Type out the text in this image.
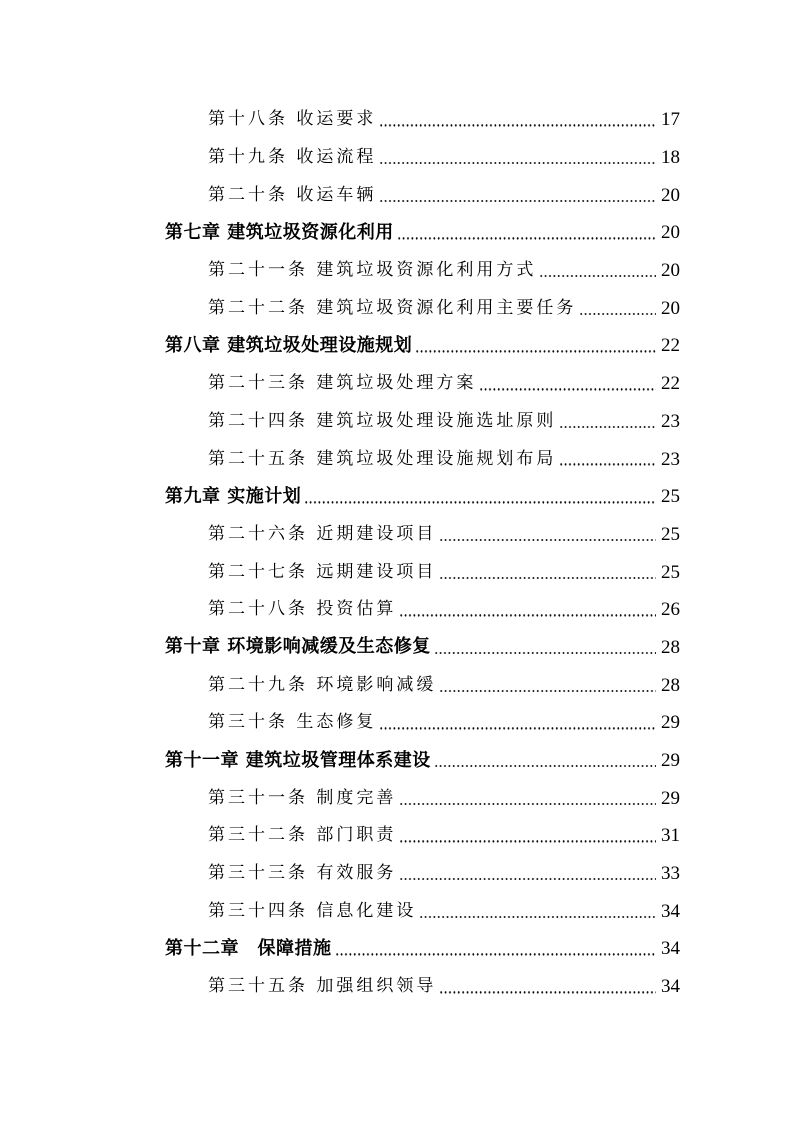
第十八条 收运要求	17
第十九条 收运流程	18
第二十条 收运车辆	20
第七章 建筑垃圾资源化利用	20
第二十一条 建筑垃圾资源化利用方式	20
第二十二条 建筑垃圾资源化利用主要任务	20
第八章 建筑垃圾处理设施规划	22
第二十三条 建筑垃圾处理方案	22
第二十四条 建筑垃圾处理设施选址原则	23
第二十五条 建筑垃圾处理设施规划布局	23
第九章 实施计划	25
第二十六条 近期建设项目	25
第二十七条 远期建设项目	25
第二十八条 投资估算	26
第十章 环境影响减缓及生态修复	28
第二十九条 环境影响减缓	28
第三十条 生态修复	29
第十一章 建筑垃圾管理体系建设	29
第三十一条 制度完善	29
第三十二条 部门职责	31
第三十三条 有效服务	33
第三十四条 信息化建设	34
第十二章　保障措施	34
第三十五条 加强组织领导	34
